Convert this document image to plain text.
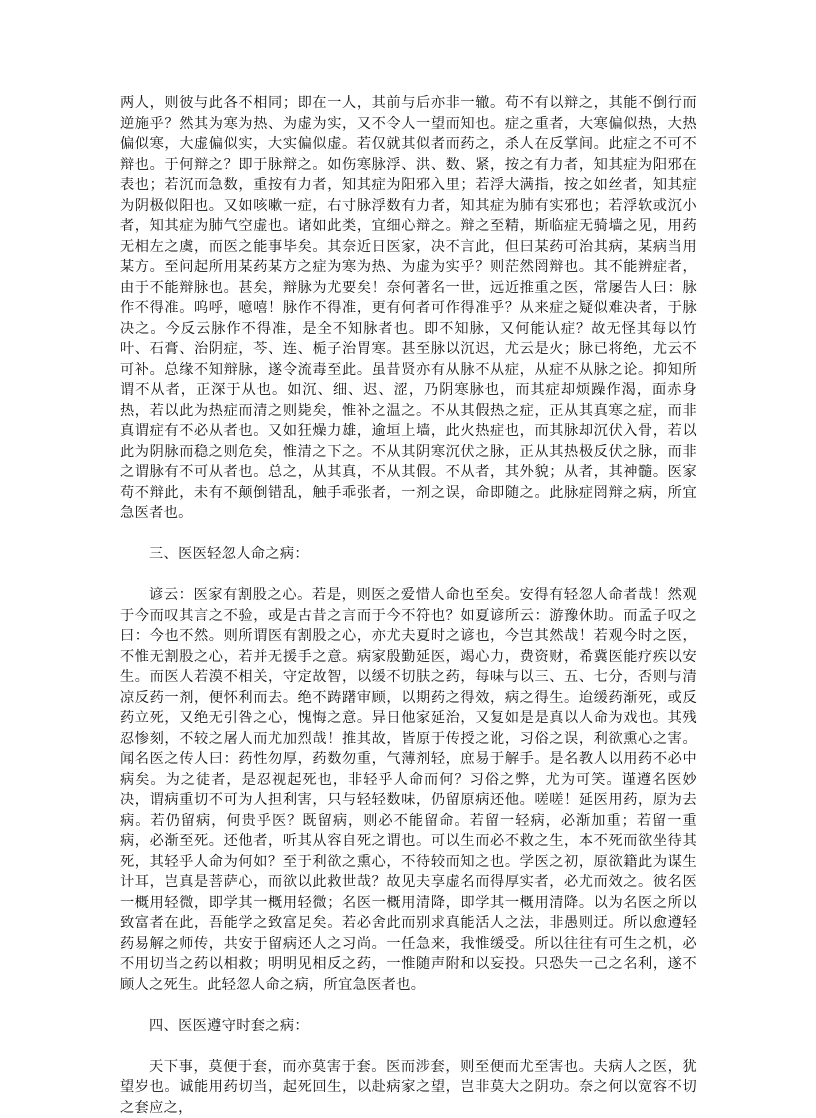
两人，则彼与此各不相同；即在一人，其前与后亦非一辙。苟不有以辩之，其能不倒行而逆施乎？然其为寒为热、为虚为实，又不令人一望而知也。症之重者，大寒偏似热，大热偏似寒，大虚偏似实，大实偏似虚。若仅就其似者而药之，杀人在反掌间。此症之不可不辩也。于何辩之？即于脉辩之。如伤寒脉浮、洪、数、紧，按之有力者，知其症为阳邪在表也；若沉而急数，重按有力者，知其症为阳邪入里；若浮大满指，按之如丝者，知其症为阴极似阳也。又如咳嗽一症，右寸脉浮数有力者，知其症为肺有实邪也；若浮软或沉小者，知其症为肺气空虚也。诸如此类，宜细心辩之。辩之至精，斯临症无骑墙之见，用药无相左之虞，而医之能事毕矣。其奈近日医家，决不言此，但曰某药可治其病，某病当用某方。至问起所用某药某方之症为寒为热、为虚为实乎？则茫然罔辩也。其不能辨症者，由于不能辩脉也。甚矣，辩脉为尤要矣！奈何著名一世，远近推重之医，常屡告人曰：脉作不得准。呜呼，噫嘻！脉作不得准，更有何者可作得准乎？从来症之疑似难决者，于脉决之。今反云脉作不得准，是全不知脉者也。即不知脉，又何能认症？故无怪其每以竹叶、石膏、治阴症，芩、连、栀子治胃寒。甚至脉以沉迟，尤云是火；脉已将绝，尤云不可补。总缘不知辩脉，遂令流毒至此。虽昔贤亦有从脉不从症，从症不从脉之论。抑知所谓不从者，正深于从也。如沉、细、迟、涩，乃阴寒脉也，而其症却烦躁作渴，面赤身热，若以此为热症而清之则毙矣，惟补之温之。不从其假热之症，正从其真寒之症，而非真谓症有不必从者也。又如狂燥力雄，逾垣上墙，此火热症也，而其脉却沉伏入骨，若以此为阴脉而稳之则危矣，惟清之下之。不从其阴寒沉伏之脉，正从其热极反伏之脉，而非之谓脉有不可从者也。总之，从其真，不从其假。不从者，其外貌；从者，其神髓。医家苟不辩此，未有不颠倒错乱，触手乖张者，一剂之误，命即随之。此脉症罔辩之病，所宜急医者也。

三、医医轻忽人命之病：

谚云：医家有割股之心。若是，则医之爱惜人命也至矣。安得有轻忽人命者哉！然观于今而叹其言之不验，或是古昔之言而于今不符也？如夏谚所云：游豫休助。而孟子叹之曰：今也不然。则所谓医有割股之心，亦尤夫夏时之谚也，今岂其然哉！若观今时之医，不惟无割股之心，若并无援手之意。病家殷勤延医，竭心力，费资财，希冀医能疗疾以安生。而医人若漠不相关，守定故智，以缓不切肤之药，每味与以三、五、七分，否则与清凉反药一剂，便怀利而去。绝不踌躇审顾，以期药之得效，病之得生。迨缓药渐死，或反药立死，又绝无引咎之心，愧悔之意。异日他家延治，又复如是是真以人命为戏也。其残忍惨刻，不较之屠人而尤加烈哉！推其故，皆原于传授之讹，习俗之误，利欲熏心之害。闻名医之传人曰：药性勿厚，药数勿重，气薄剂轻，庶易于解手。是名教人以用药不必中病矣。为之徒者，是忍视起死也，非轻乎人命而何？习俗之弊，尤为可笑。谨遵名医妙决，谓病重切不可为人担利害，只与轻轻数味，仍留原病还他。嗟嗟！延医用药，原为去病。若仍留病，何贵乎医？既留病，则必不能留命。若留一轻病，必渐加重；若留一重病，必渐至死。还他者，听其从容自死之谓也。可以生而必不救之生，本不死而欲坐待其死，其轻乎人命为何如？至于利欲之熏心，不待较而知之也。学医之初，原欲籍此为谋生计耳，岂真是菩萨心，而欲以此救世哉？故见夫享虚名而得厚实者，必尤而效之。彼名医一概用轻微，即学其一概用轻微；名医一概用清降，即学其一概用清降。以为名医之所以致富者在此，吾能学之致富足矣。若必舍此而别求真能活人之法，非愚则迂。所以愈遵轻药易解之师传，共安于留病还人之习尚。一任急来，我惟缓受。所以往往有可生之机，必不用切当之药以相救；明明见相反之药，一惟随声附和以妄投。只恐失一己之名利，遂不顾人之死生。此轻忽人命之病，所宜急医者也。

四、医医遵守时套之病：

天下事，莫便于套，而亦莫害于套。医而涉套，则至便而尤至害也。夫病人之医，犹望岁也。诚能用药切当，起死回生，以赴病家之望，岂非莫大之阴功。奈之何以宽容不切之套应之，
